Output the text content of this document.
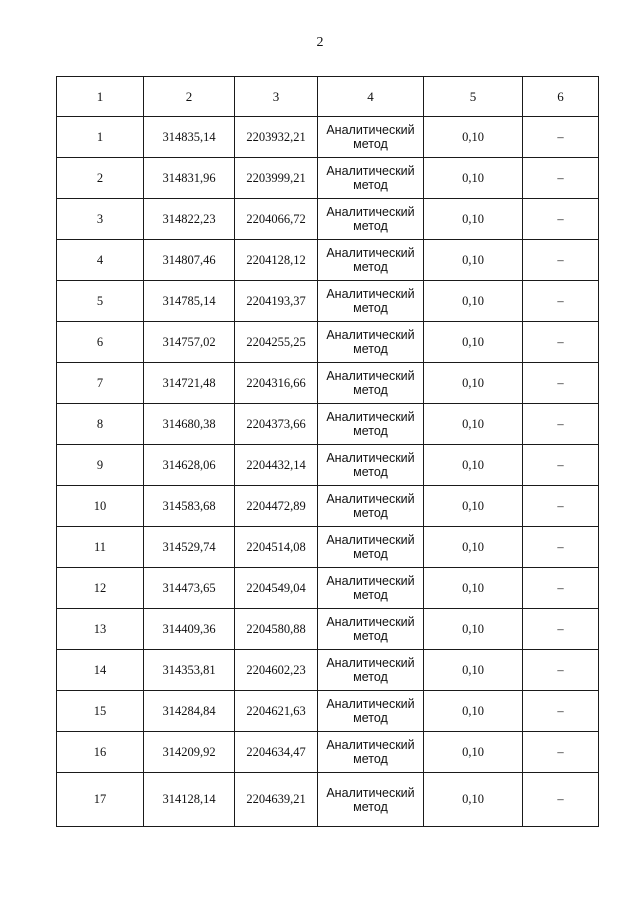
2
1	2	3	4	5	6
1	314835,14	2203932,21	Аналитический
метод	0,10	–
2	314831,96	2203999,21	Аналитический
метод	0,10	–
3	314822,23	2204066,72	Аналитический
метод	0,10	–
4	314807,46	2204128,12	Аналитический
метод	0,10	–
5	314785,14	2204193,37	Аналитический
метод	0,10	–
6	314757,02	2204255,25	Аналитический
метод	0,10	–
7	314721,48	2204316,66	Аналитический
метод	0,10	–
8	314680,38	2204373,66	Аналитический
метод	0,10	–
9	314628,06	2204432,14	Аналитический
метод	0,10	–
10	314583,68	2204472,89	Аналитический
метод	0,10	–
11	314529,74	2204514,08	Аналитический
метод	0,10	–
12	314473,65	2204549,04	Аналитический
метод	0,10	–
13	314409,36	2204580,88	Аналитический
метод	0,10	–
14	314353,81	2204602,23	Аналитический
метод	0,10	–
15	314284,84	2204621,63	Аналитический
метод	0,10	–
16	314209,92	2204634,47	Аналитический
метод	0,10	–
17	314128,14	2204639,21	Аналитический
метод	0,10	–
